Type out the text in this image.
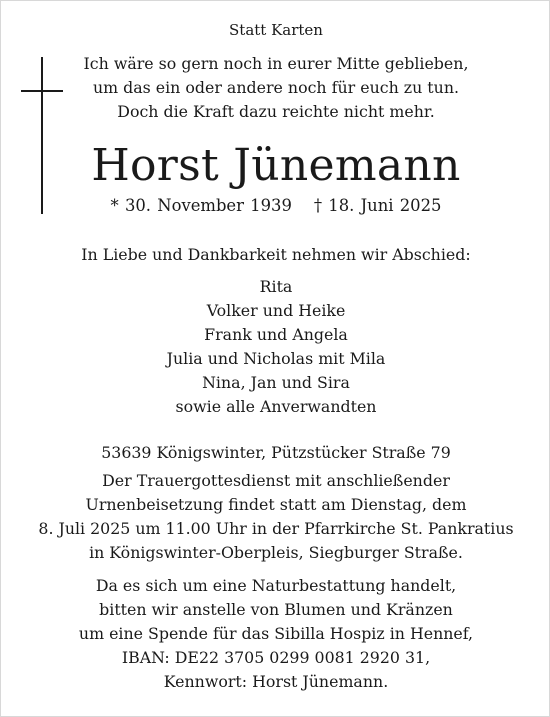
Statt Karten
Ich wäre so gern noch in eurer Mitte geblieben,
um das ein oder andere noch für euch zu tun.
Doch die Kraft dazu reichte nicht mehr.
Horst Jünemann
* 30. November 1939 † 18. Juni 2025
In Liebe und Dankbarkeit nehmen wir Abschied:
Rita
Volker und Heike
Frank und Angela
Julia und Nicholas mit Mila
Nina, Jan und Sira
sowie alle Anverwandten
53639 Königswinter, Pützstücker Straße 79
Der Trauergottesdienst mit anschließender
Urnenbeisetzung findet statt am Dienstag, dem
8. Juli 2025 um 11.00 Uhr in der Pfarrkirche St. Pankratius
in Königswinter-Oberpleis, Siegburger Straße.
Da es sich um eine Naturbestattung handelt,
bitten wir anstelle von Blumen und Kränzen
um eine Spende für das Sibilla Hospiz in Hennef,
IBAN: DE22 3705 0299 0081 2920 31,
Kennwort: Horst Jünemann.
